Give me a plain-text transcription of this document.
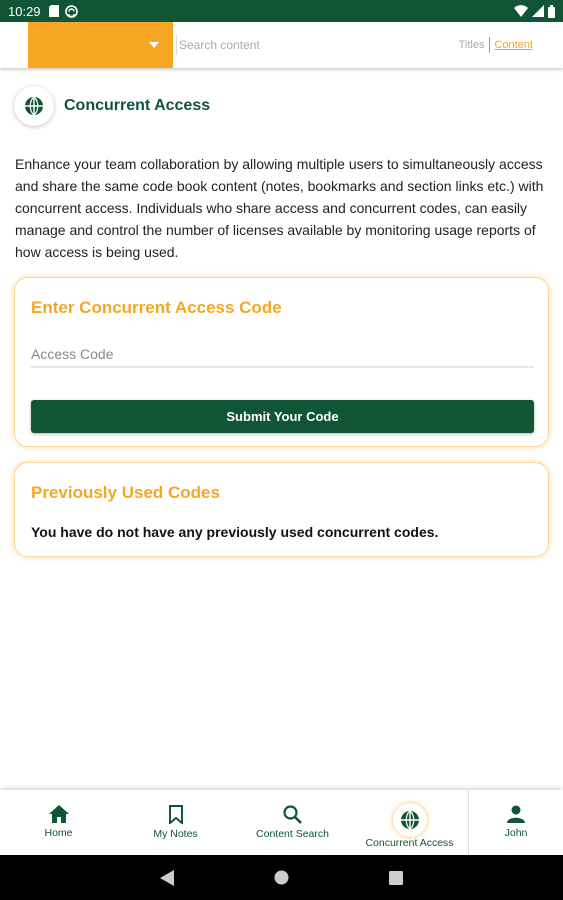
10:29
Search content
Titles Content
Concurrent Access

Enhance your team collaboration by allowing multiple users to simultaneously access and share the same code book content (notes, bookmarks and section links etc.) with concurrent access. Individuals who share access and concurrent codes, can easily manage and control the number of licenses available by monitoring usage reports of how access is being used.

Enter Concurrent Access Code
Access Code
Submit Your Code
Previously Used Codes
You have do not have any previously used concurrent codes.
Home	My Notes	Content Search
Concurrent Access
John
